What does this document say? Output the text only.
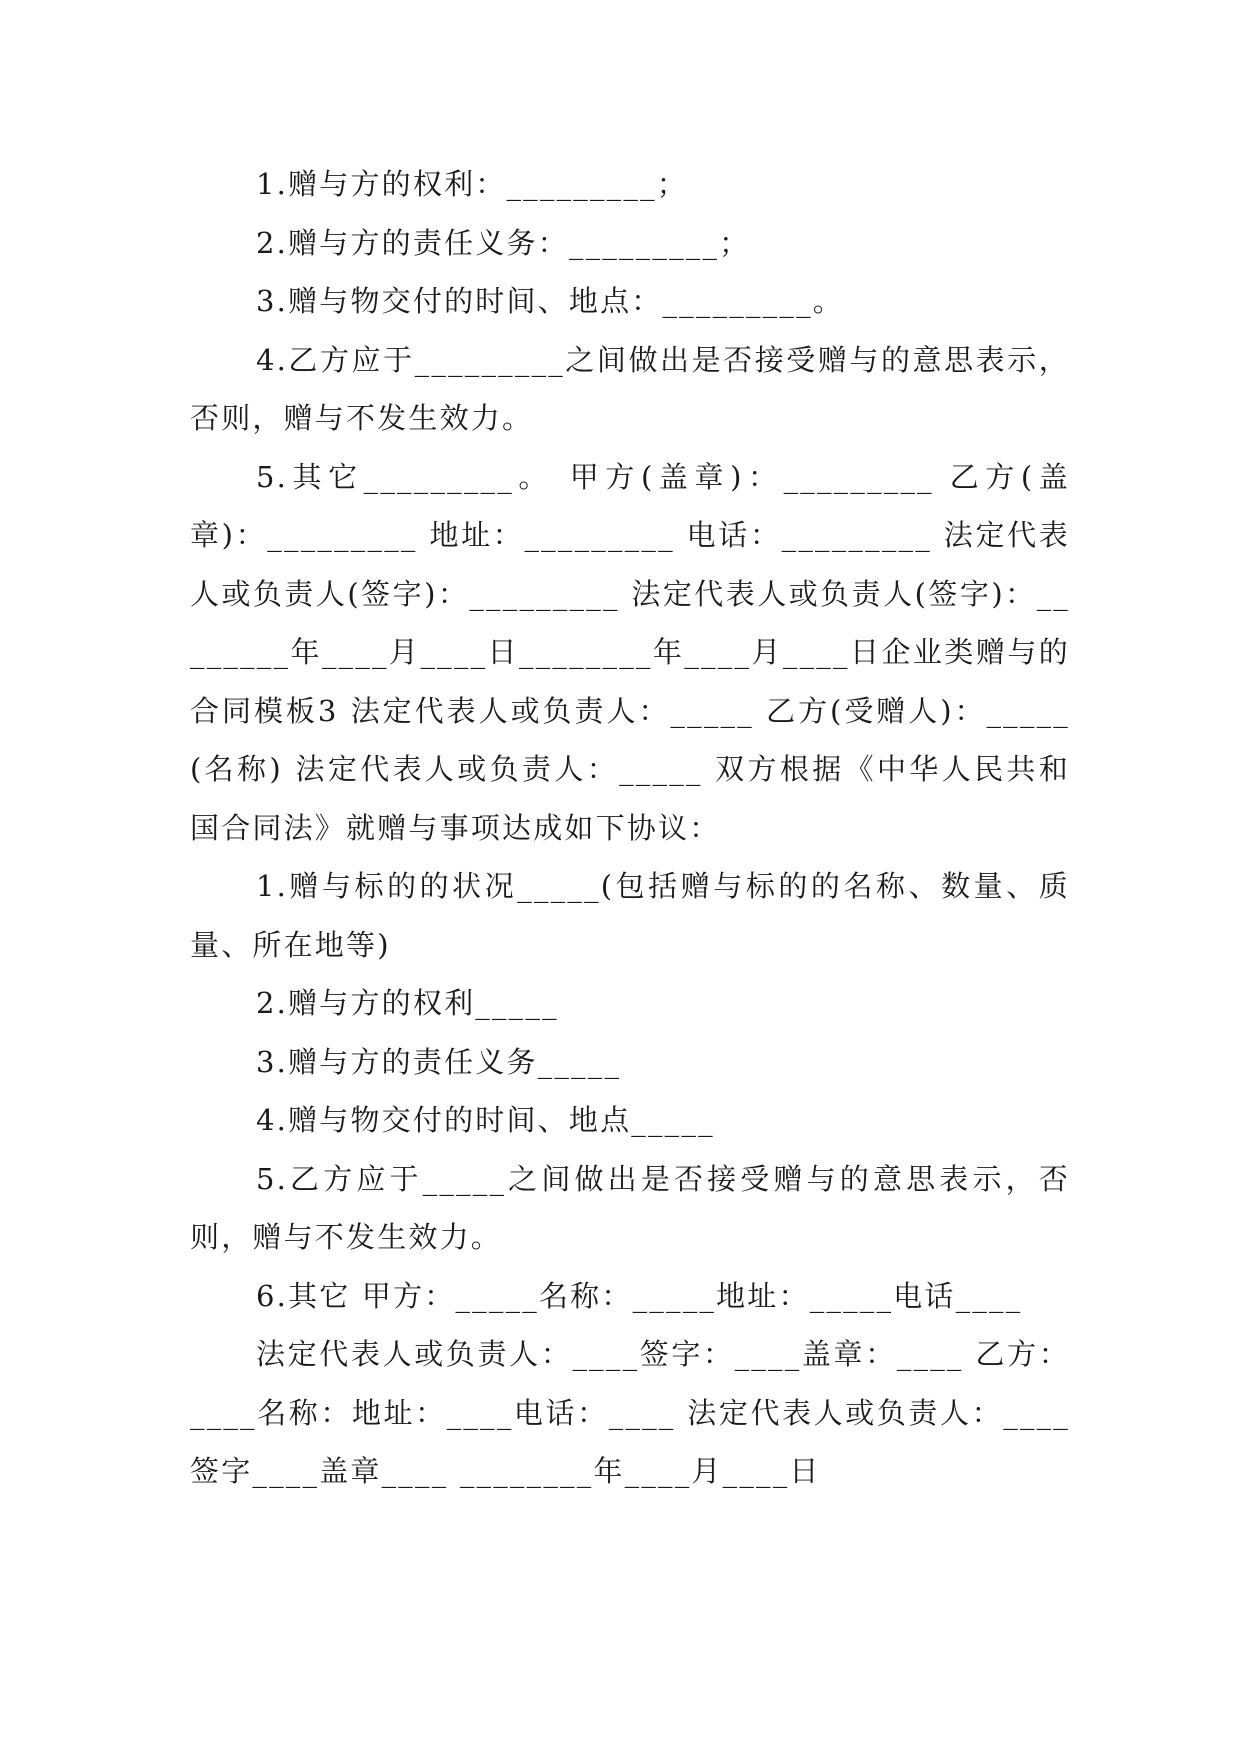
1.赠与方的权利：_________；

2.赠与方的责任义务：_________；

3.赠与物交付的时间、地点：_________。

4.乙方应于_________之间做出是否接受赠与的意思表示，否则，赠与不发生效力。

5.其它_________。 甲方(盖章)：_________ 乙方(盖章)：_________ 地址：_________ 电话：_________ 法定代表人或负责人(签字)：_________ 法定代表人或负责人(签字)：________年____月____日________年____月____日企业类赠与的合同模板3 法定代表人或负责人：_____ 乙方(受赠人)：_____(名称) 法定代表人或负责人：_____ 双方根据《中华人民共和国合同法》就赠与事项达成如下协议：

1.赠与标的的状况_____(包括赠与标的的名称、数量、质量、所在地等)

2.赠与方的权利_____

3.赠与方的责任义务_____

4.赠与物交付的时间、地点_____

5.乙方应于_____之间做出是否接受赠与的意思表示，否则，赠与不发生效力。

6.其它 甲方：_____名称：_____地址：_____电话____

法定代表人或负责人：____签字：____盖章：____ 乙方：____名称：地址：____电话：____ 法定代表人或负责人：____签字____盖章____ ________年____月____日
